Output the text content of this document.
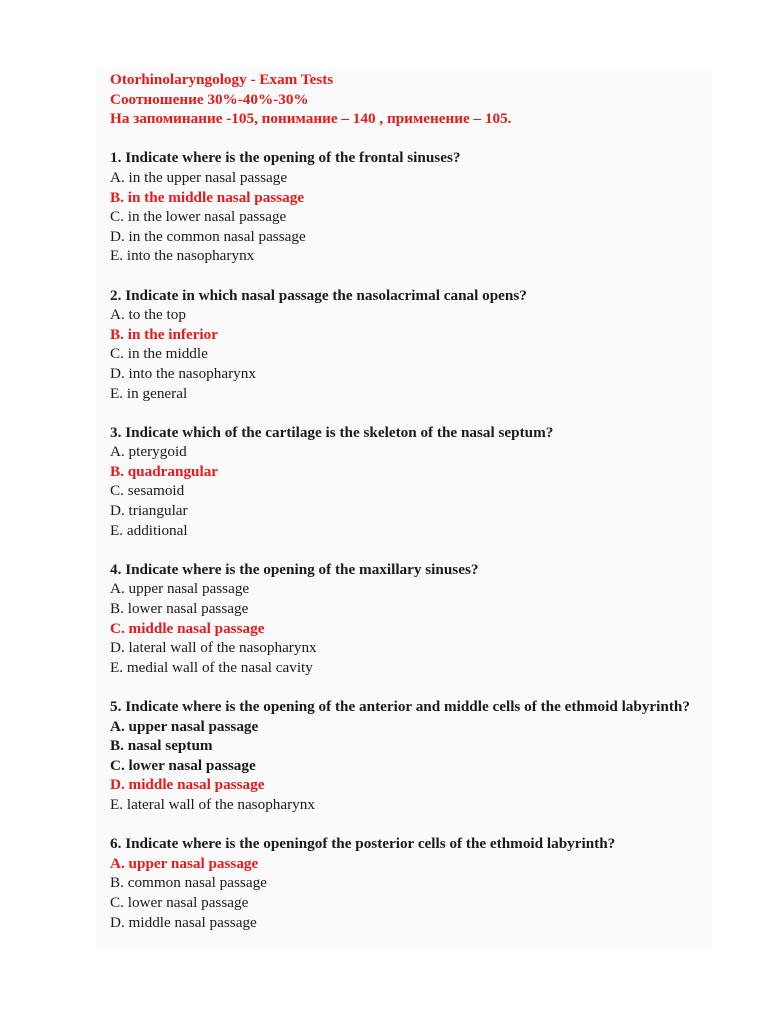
Otorhinolaryngology - Exam Tests
Соотношение 30%-40%-30%
На запоминание -105, понимание – 140 , применение – 105.
1. Indicate where is the opening of the frontal sinuses?
A. in the upper nasal passage
B. in the middle nasal passage
C. in the lower nasal passage
D. in the common nasal passage
E. into the nasopharynx
2. Indicate in which nasal passage the nasolacrimal canal opens?
A. to the top
B. in the inferior
C. in the middle
D. into the nasopharynx
E. in general
3. Indicate which of the cartilage is the skeleton of the nasal septum?
A. pterygoid
B. quadrangular
C. sesamoid
D. triangular
E. additional
4. Indicate where is the opening of the maxillary sinuses?
A. upper nasal passage
B. lower nasal passage
C. middle nasal passage
D. lateral wall of the nasopharynx
E. medial wall of the nasal cavity
5. Indicate where is the opening of the anterior and middle cells of the ethmoid labyrinth?
A. upper nasal passage
B. nasal septum
C. lower nasal passage
D. middle nasal passage
E. lateral wall of the nasopharynx
6. Indicate where is the openingof the posterior cells of the ethmoid labyrinth?
A. upper nasal passage
B. common nasal passage
C. lower nasal passage
D. middle nasal passage
